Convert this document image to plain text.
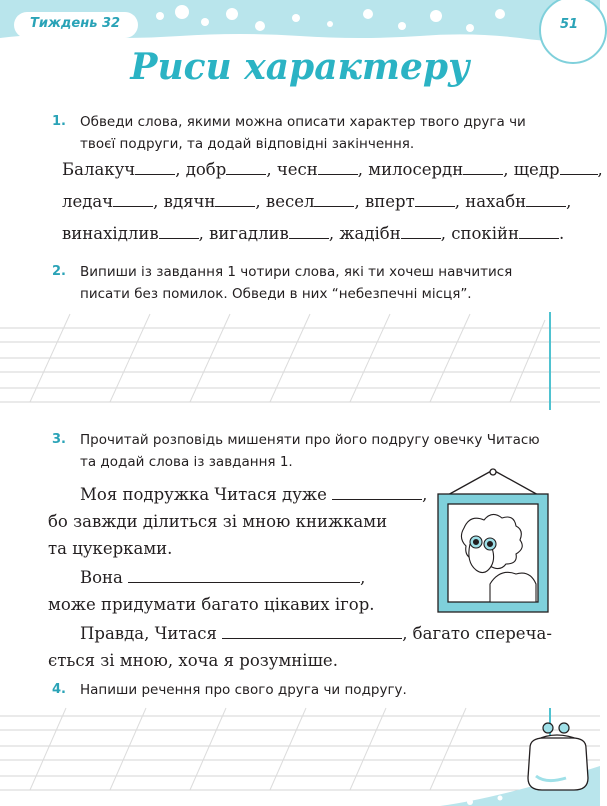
Тиждень 32	51
Риси характеру
1. Обведи слова, якими можна описати характер твого друга чи твоєї подруги, та додай відповідні закінчення.
Балакуч , добр , чесн , милосердн , щедр ,
ледач , вдячн , весел , вперт , нахабн ,
винахідлив , вигадлив , жадібн , спокійн .
2. Випиши із завдання 1 чотири слова, які ти хочеш навчитися писати без помилок. Обведи в них “небезпечні місця”.
3. Прочитай розповідь мишеняти про його подругу овечку Читасю та додай слова із завдання 1.
Моя подружка Читася дуже	,
бо завжди ділиться зі мною книжками
та цукерками.
Вона	,
може придумати багато цікавих ігор.
Правда, Читася	, багато спереча-
ється зі мною, хоча я розумніше.
4. Напиши речення про свого друга чи подругу.
